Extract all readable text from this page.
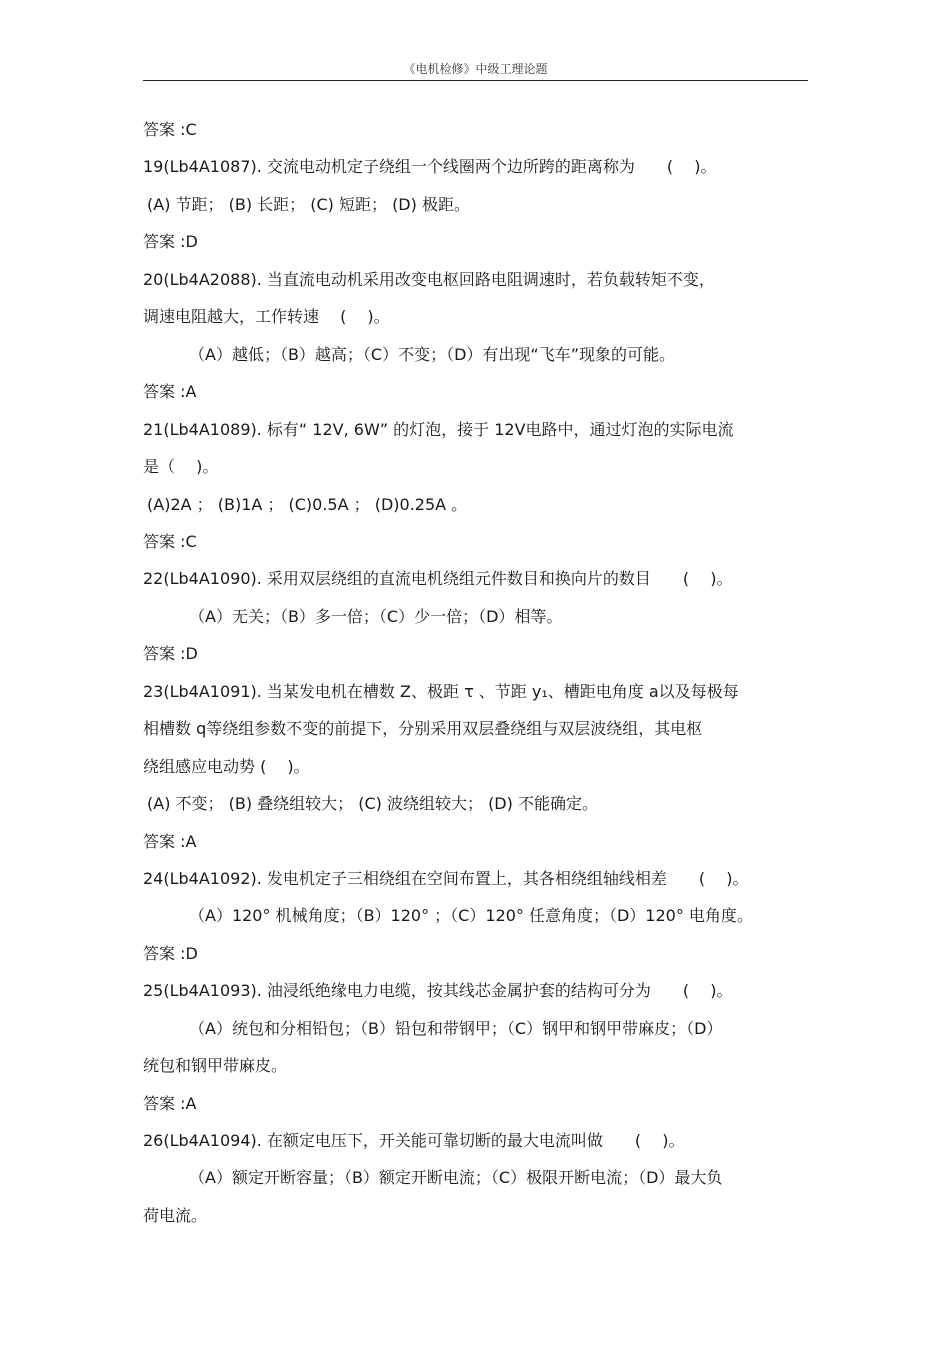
《电机检修》中级工理论题
答案 :C
19(Lb4A1087). 交流电动机定子绕组一个线圈两个边所跨的距离称为　　(　 )。
(A) 节距； (B) 长距； (C) 短距； (D) 极距。
答案 :D
20(Lb4A2088). 当直流电动机采用改变电枢回路电阻调速时，若负载转矩不变，
调速电阻越大，工作转速　 (　 )。
（A）越低；（B）越高；（C）不变；（D）有出现“飞车”现象的可能。
答案 :A
21(Lb4A1089). 标有“ 12V, 6W” 的灯泡，接于 12V电路中，通过灯泡的实际电流
是（　 )。
(A)2A ； (B)1A ； (C)0.5A ； (D)0.25A 。
答案 :C
22(Lb4A1090). 采用双层绕组的直流电机绕组元件数目和换向片的数目　　(　 )。
（A）无关；（B）多一倍；（C）少一倍；（D）相等。
答案 :D
23(Lb4A1091). 当某发电机在槽数 Z、极距 τ 、节距 y₁、槽距电角度 a以及每极每
相槽数 q等绕组参数不变的前提下，分别采用双层叠绕组与双层波绕组，其电枢
绕组感应电动势 (　 )。
(A) 不变； (B) 叠绕组较大； (C) 波绕组较大； (D) 不能确定。
答案 :A
24(Lb4A1092). 发电机定子三相绕组在空间布置上，其各相绕组轴线相差　　(　 )。
（A）120° 机械角度；（B）120° ；（C）120° 任意角度；（D）120° 电角度。
答案 :D
25(Lb4A1093). 油浸纸绝缘电力电缆，按其线芯金属护套的结构可分为　　(　 )。
（A）统包和分相铅包；（B）铅包和带钢甲；（C）钢甲和钢甲带麻皮；（D）
统包和钢甲带麻皮。
答案 :A
26(Lb4A1094). 在额定电压下，开关能可靠切断的最大电流叫做　　(　 )。
（A）额定开断容量；（B）额定开断电流；（C）极限开断电流；（D）最大负
荷电流。
